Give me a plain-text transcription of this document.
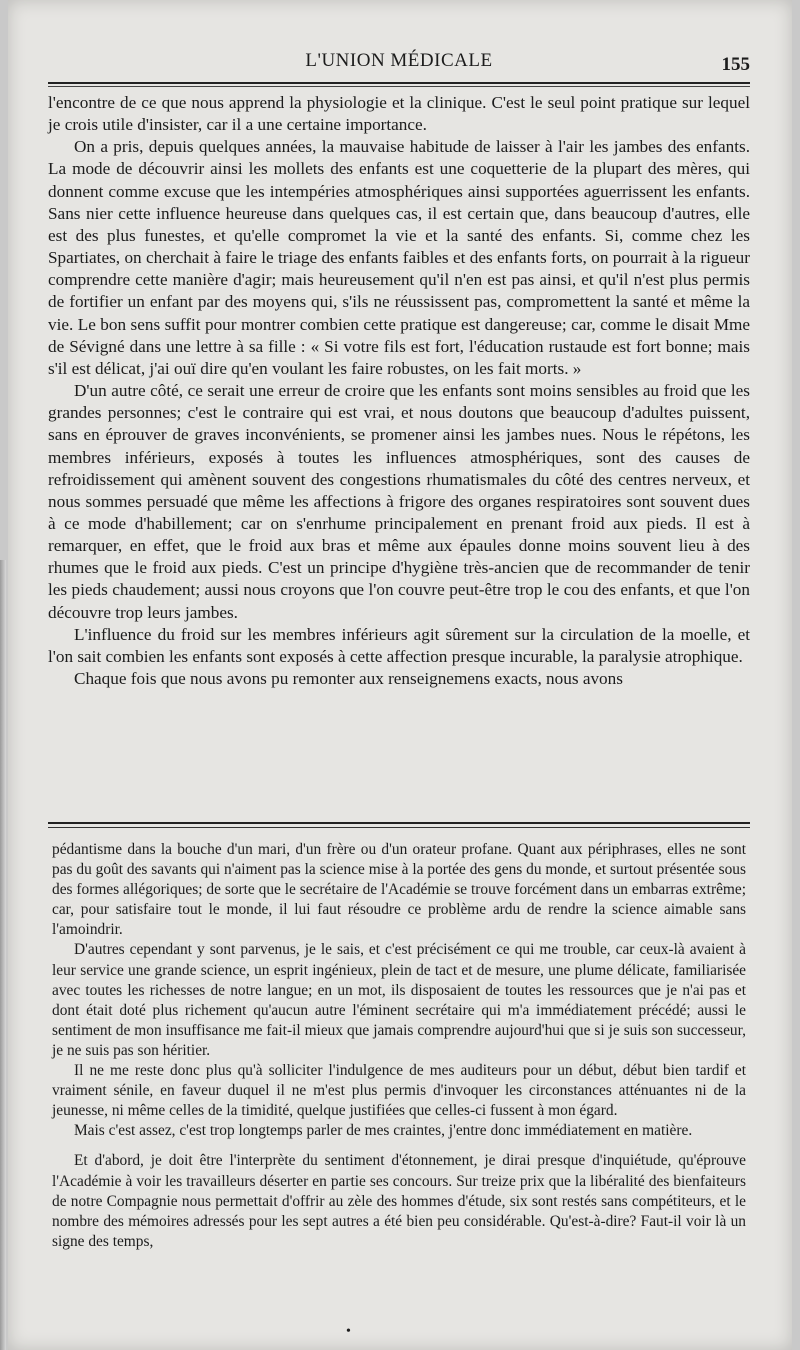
L'UNION MÉDICALE	155

l'encontre de ce que nous apprend la physiologie et la clinique. C'est le seul point pratique sur lequel je crois utile d'insister, car il a une certaine importance.

On a pris, depuis quelques années, la mauvaise habitude de laisser à l'air les jambes des enfants. La mode de découvrir ainsi les mollets des enfants est une coquetterie de la plupart des mères, qui donnent comme excuse que les intempéries atmosphériques ainsi supportées aguerrissent les enfants. Sans nier cette influence heureuse dans quelques cas, il est certain que, dans beaucoup d'autres, elle est des plus funestes, et qu'elle compromet la vie et la santé des enfants. Si, comme chez les Spartiates, on cherchait à faire le triage des enfants faibles et des enfants forts, on pourrait à la rigueur comprendre cette manière d'agir; mais heureusement qu'il n'en est pas ainsi, et qu'il n'est plus permis de fortifier un enfant par des moyens qui, s'ils ne réussissent pas, compromettent la santé et même la vie. Le bon sens suffit pour montrer combien cette pratique est dangereuse; car, comme le disait Mme de Sévigné dans une lettre à sa fille : « Si votre fils est fort, l'éducation rustaude est fort bonne; mais s'il est délicat, j'ai ouï dire qu'en voulant les faire robustes, on les fait morts. »

D'un autre côté, ce serait une erreur de croire que les enfants sont moins sensibles au froid que les grandes personnes; c'est le contraire qui est vrai, et nous doutons que beaucoup d'adultes puissent, sans en éprouver de graves inconvénients, se promener ainsi les jambes nues. Nous le répétons, les membres inférieurs, exposés à toutes les influences atmosphériques, sont des causes de refroidissement qui amènent souvent des congestions rhumatismales du côté des centres nerveux, et nous sommes persuadé que même les affections à frigore des organes respiratoires sont souvent dues à ce mode d'habillement; car on s'enrhume principalement en prenant froid aux pieds. Il est à remarquer, en effet, que le froid aux bras et même aux épaules donne moins souvent lieu à des rhumes que le froid aux pieds. C'est un principe d'hygiène très-ancien que de recommander de tenir les pieds chaudement; aussi nous croyons que l'on couvre peut-être trop le cou des enfants, et que l'on découvre trop leurs jambes.

L'influence du froid sur les membres inférieurs agit sûrement sur la circulation de la moelle, et l'on sait combien les enfants sont exposés à cette affection presque incurable, la paralysie atrophique.

Chaque fois que nous avons pu remonter aux renseignemens exacts, nous avons

pédantisme dans la bouche d'un mari, d'un frère ou d'un orateur profane. Quant aux périphrases, elles ne sont pas du goût des savants qui n'aiment pas la science mise à la portée des gens du monde, et surtout présentée sous des formes allégoriques; de sorte que le secrétaire de l'Académie se trouve forcément dans un embarras extrême; car, pour satisfaire tout le monde, il lui faut résoudre ce problème ardu de rendre la science aimable sans l'amoindrir.

D'autres cependant y sont parvenus, je le sais, et c'est précisément ce qui me trouble, car ceux-là avaient à leur service une grande science, un esprit ingénieux, plein de tact et de mesure, une plume délicate, familiarisée avec toutes les richesses de notre langue; en un mot, ils disposaient de toutes les ressources que je n'ai pas et dont était doté plus richement qu'aucun autre l'éminent secrétaire qui m'a immédiatement précédé; aussi le sentiment de mon insuffisance me fait-il mieux que jamais comprendre aujourd'hui que si je suis son successeur, je ne suis pas son héritier.

Il ne me reste donc plus qu'à solliciter l'indulgence de mes auditeurs pour un début, début bien tardif et vraiment sénile, en faveur duquel il ne m'est plus permis d'invoquer les circonstances atténuantes ni de la jeunesse, ni même celles de la timidité, quelque justifiées que celles-ci fussent à mon égard.

Mais c'est assez, c'est trop longtemps parler de mes craintes, j'entre donc immédiatement en matière.

Et d'abord, je doit être l'interprète du sentiment d'étonnement, je dirai presque d'inquiétude, qu'éprouve l'Académie à voir les travailleurs déserter en partie ses concours. Sur treize prix que la libéralité des bienfaiteurs de notre Compagnie nous permettait d'offrir au zèle des hommes d'étude, six sont restés sans compétiteurs, et le nombre des mémoires adressés pour les sept autres a été bien peu considérable. Qu'est-à-dire? Faut-il voir là un signe des temps,

•
